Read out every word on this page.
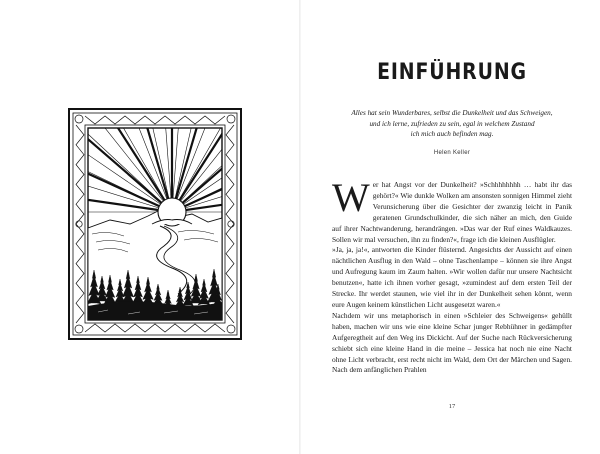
EINFÜHRUNG
Alles hat sein Wunderbares, selbst die Dunkelheit und das Schweigen,
und ich lerne, zufrieden zu sein, egal in welchem Zustand
ich mich auch befinden mag.
Helen Keller

Wer hat Angst vor der Dunkelheit? »Schhhhhhhh … habt ihr das gehört?« Wie dunkle Wolken am ansonsten sonnigen Himmel zieht Verunsicherung über die Gesichter der zwanzig leicht in Panik geratenen Grundschulkinder, die sich näher an mich, den Guide auf ihrer Nachtwanderung, herandrängen. »Das war der Ruf eines Waldkauzes. Sollen wir mal versuchen, ihn zu finden?«, frage ich die kleinen Ausflügler.

»Ja, ja, ja!«, antworten die Kinder flüsternd. Angesichts der Aussicht auf einen nächtlichen Ausflug in den Wald – ohne Taschenlampe – können sie ihre Angst und Aufregung kaum im Zaum halten. »Wir wollen dafür nur unsere Nachtsicht benutzen«, hatte ich ihnen vorher gesagt, »zumindest auf dem ersten Teil der Strecke. Ihr werdet staunen, wie viel ihr in der Dunkelheit sehen könnt, wenn eure Augen keinem künstlichen Licht ausgesetzt waren.«

Nachdem wir uns metaphorisch in einen »Schleier des Schweigens« gehüllt haben, machen wir uns wie eine kleine Schar junger Rebhühner in gedämpfter Aufgeregtheit auf den Weg ins Dickicht. Auf der Suche nach Rückversicherung schiebt sich eine kleine Hand in die meine – Jessica hat noch nie eine Nacht ohne Licht verbracht, erst recht nicht im Wald, dem Ort der Märchen und Sagen. Nach dem anfänglichen Prahlen

17
